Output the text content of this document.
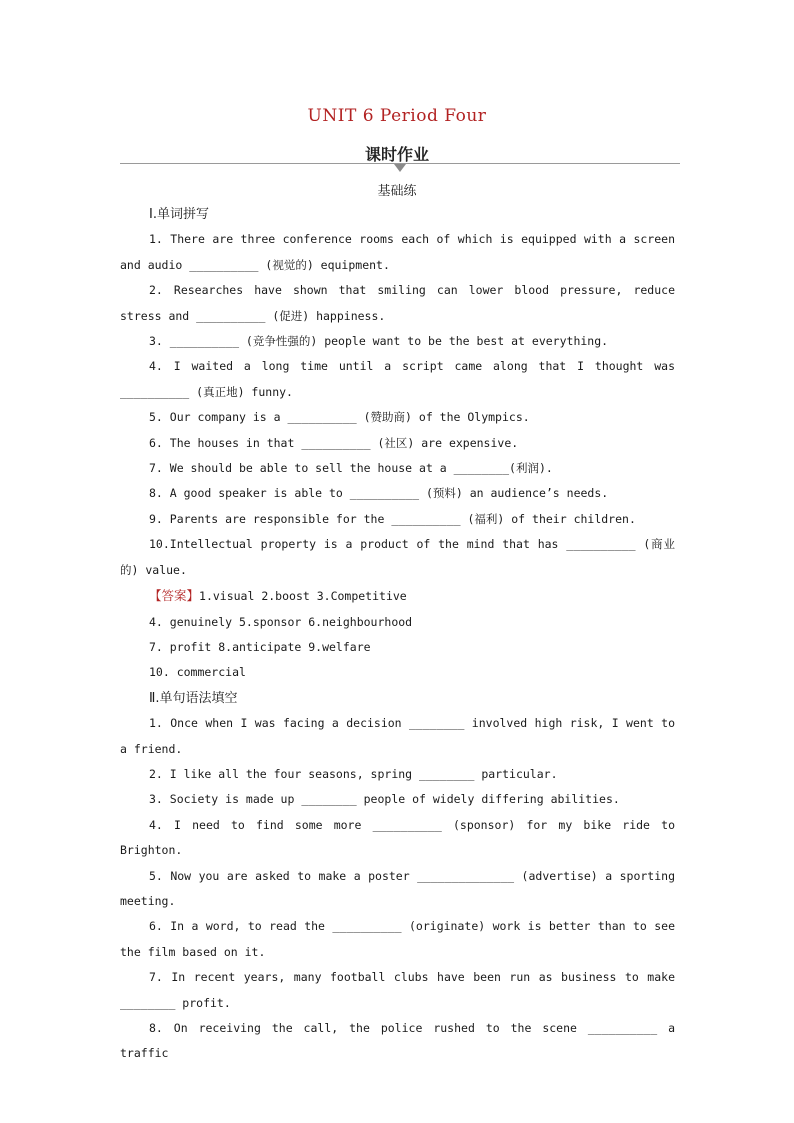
UNIT 6 Period Four
课时作业
基础练

Ⅰ.单词拼写

1. There are three conference rooms each of which is equipped with a screen and audio __________ (视觉的) equipment.

2. Researches have shown that smiling can lower blood pressure, reduce stress and __________ (促进) happiness.

3. __________ (竞争性强的) people want to be the best at everything.

4. I waited a long time until a script came along that I thought was __________ (真正地) funny.

5. Our company is a __________ (赞助商) of the Olympics.

6. The houses in that __________ (社区) are expensive.

7. We should be able to sell the house at a ________(利润).

8. A good speaker is able to __________ (预料) an audience’s needs.

9. Parents are responsible for the __________ (福利) of their children.

10.Intellectual property is a product of the mind that has __________ (商业的) value.

【答案】1.visual 2.boost 3.Competitive

4. genuinely 5.sponsor 6.neighbourhood

7. profit 8.anticipate 9.welfare

10. commercial

Ⅱ.单句语法填空

1. Once when I was facing a decision ________ involved high risk, I went to a friend.

2. I like all the four seasons, spring ________ particular.

3. Society is made up ________ people of widely differing abilities.

4. I need to find some more __________ (sponsor) for my bike ride to Brighton.

5. Now you are asked to make a poster ______________ (advertise) a sporting meeting.

6. In a word, to read the __________ (originate) work is better than to see the film based on it.

7. In recent years, many football clubs have been run as business to make ________ profit.

8. On receiving the call, the police rushed to the scene __________ a traffic
